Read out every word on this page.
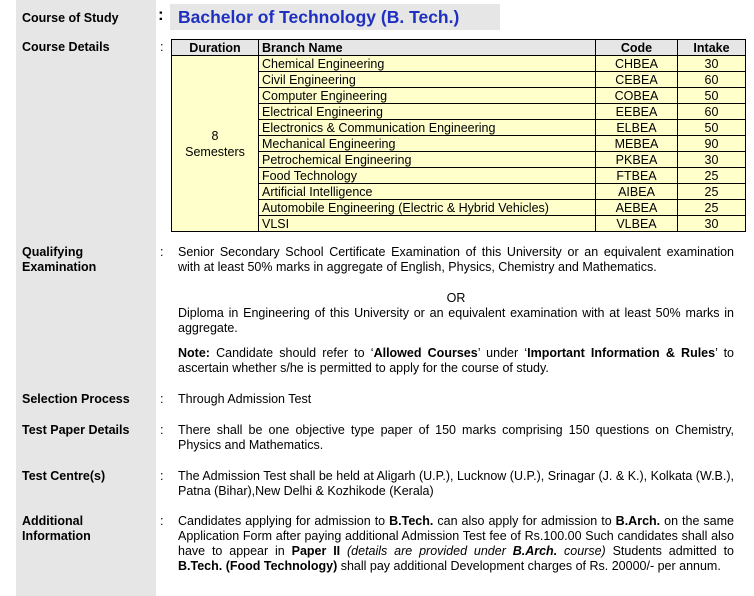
Course of Study : Bachelor of Technology (B. Tech.)
Course Details	: Duration	Branch Name	Code	Intake

8
Semesters	Chemical Engineering	CHBEA	30
	Civil Engineering	CEBEA	60
	Computer Engineering	COBEA	50
	Electrical Engineering	EEBEA	60
	Electronics & Communication Engineering	ELBEA	50
	Mechanical Engineering	MEBEA	90
	Petrochemical Engineering	PKBEA	30
	Food Technology	FTBEA	25
	Artificial Intelligence	AIBEA	25
	Automobile Engineering (Electric & Hybrid Vehicles)	AEBEA	25
	VLSI	VLBEA	30
Qualifying
Examination
: Senior Secondary School Certificate Examination of this University or an equivalent examination with at least 50% marks in aggregate of English, Physics, Chemistry and Mathematics.
OR
Diploma in Engineering of this University or an equivalent examination with at least 50% marks in aggregate.
Note: Candidate should refer to ‘Allowed Courses’ under ‘Important Information & Rules’ to ascertain whether s/he is permitted to apply for the course of study.
Selection Process : Through Admission Test
Test Paper Details : There shall be one objective type paper of 150 marks comprising 150 questions on Chemistry, Physics and Mathematics.
Test Centre(s)	: The Admission Test shall be held at Aligarh (U.P.), Lucknow (U.P.), Srinagar (J. & K.), Kolkata (W.B.), Patna (Bihar),New Delhi & Kozhikode (Kerala)
Additional
Information
: Candidates applying for admission to B.Tech. can also apply for admission to B.Arch. on the same Application Form after paying additional Admission Test fee of Rs.100.00 Such candidates shall also have to appear in Paper II (details are provided under B.Arch. course) Students admitted to B.Tech. (Food Technology) shall pay additional Development charges of Rs. 20000/- per annum.
